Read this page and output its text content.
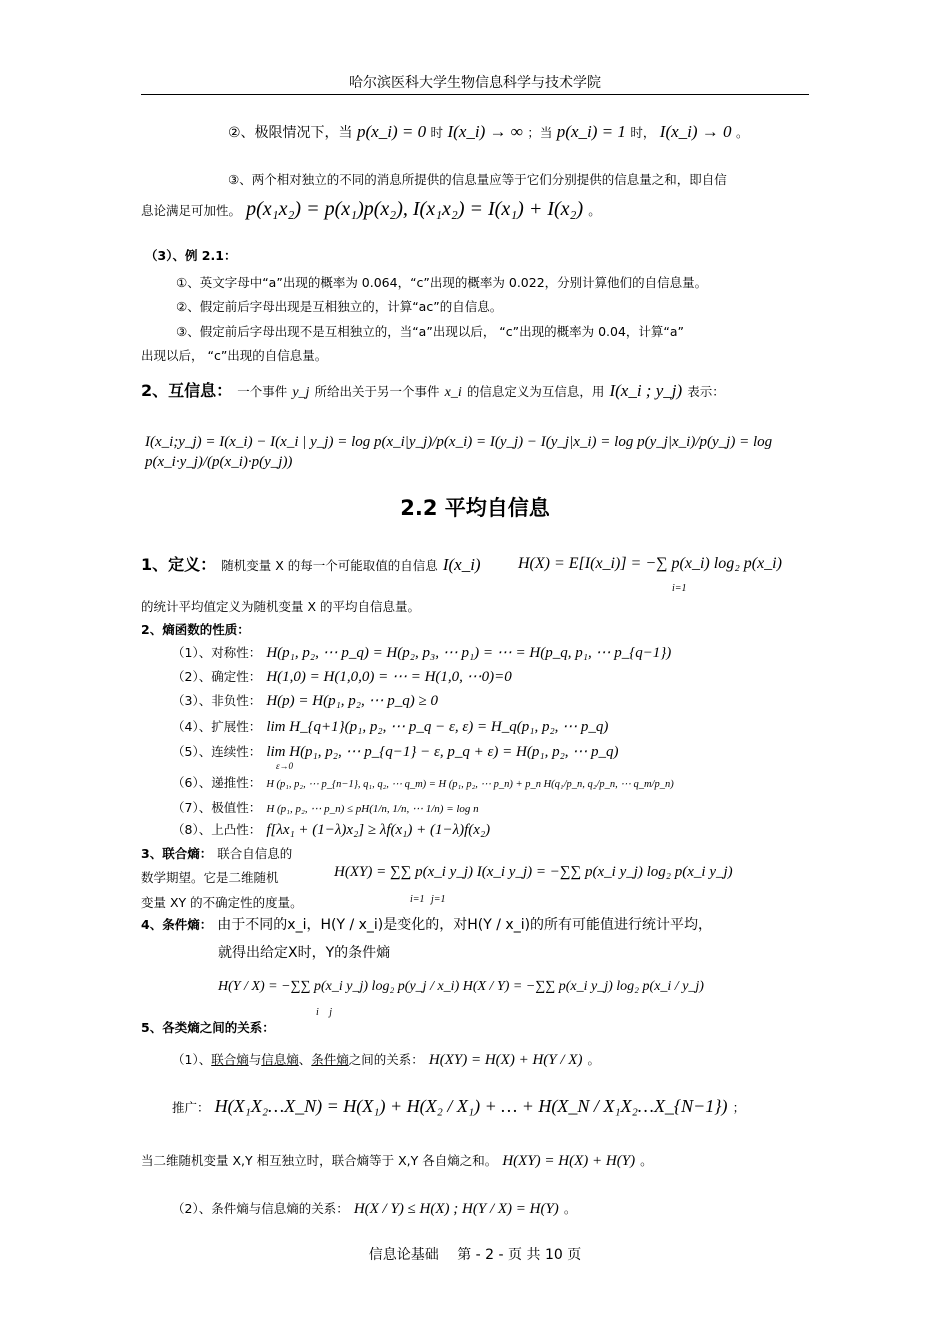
哈尔滨医科大学生物信息科学与技术学院
②、极限情况下，当 p(x_i) = 0 时 I(x_i) → ∞ ；当 p(x_i) = 1 时， I(x_i) → 0 。
③、两个相对独立的不同的消息所提供的信息量应等于它们分别提供的信息量之和，即自信
息论满足可加性。 p(x₁x₂) = p(x₁)p(x₂), I(x₁x₂) = I(x₁) + I(x₂) 。
（3）、例 2.1：
①、英文字母中“a”出现的概率为 0.064，“c”出现的概率为 0.022，分别计算他们的自信息量。
②、假定前后字母出现是互相独立的，计算“ac”的自信息。
③、假定前后字母出现不是互相独立的，当“a”出现以后， “c”出现的概率为 0.04，计算“a”
出现以后， “c”出现的自信息量。
2、互信息： 一个事件 y_j 所给出关于另一个事件 x_i 的信息定义为互信息，用 I(x_i ; y_j) 表示：
I(x_i;y_j) = I(x_i) − I(x_i | y_j) = log p(x_i|y_j)/p(x_i) = I(y_j) − I(y_j|x_i) = log p(y_j|x_i)/p(y_j) = log p(x_i·y_j)/(p(x_i)·p(y_j))
2.2 平均自信息
1、定义： 随机变量 X 的每一个可能取值的自信息 I(x_i) H(X) = E[I(x_i)] = −∑ p(x_i) log₂ p(x_i)
i=1
的统计平均值定义为随机变量 X 的平均自信息量。
2、熵函数的性质：
（1）、对称性： H(p₁, p₂, ⋯ p_q) = H(p₂, p₃, ⋯ p₁) = ⋯ = H(p_q, p₁, ⋯ p_{q−1})
（2）、确定性： H(1,0) = H(1,0,0) = ⋯ = H(1,0, ⋯0)=0
（3）、非负性： H(p) = H(p₁, p₂, ⋯ p_q) ≥ 0
（4）、扩展性： lim H_{q+1}(p₁, p₂, ⋯ p_q − ε, ε) = H_q(p₁, p₂, ⋯ p_q)
（5）、连续性： lim H(p₁, p₂, ⋯ p_{q−1} − ε, p_q + ε) = H(p₁, p₂, ⋯ p_q)
ε→0
（6）、递推性： H (p₁, p₂, ⋯ p_{n−1}, q₁, q₂, ⋯ q_m) = H (p₁, p₂, ⋯ p_n) + p_n H(q₁/p_n, q₂/p_n, ⋯ q_m/p_n)
（7）、极值性： H (p₁, p₂, ⋯ p_n) ≤ pH(1/n, 1/n, ⋯ 1/n) = log n
（8）、上凸性： f[λx₁ + (1−λ)x₂] ≥ λf(x₁) + (1−λ)f(x₂)
3、联合熵： 联合自信息的
数学期望。它是二维随机
变量 XY 的不确定性的度量。
H(XY) = ∑∑ p(x_i y_j) I(x_i y_j) = −∑∑ p(x_i y_j) log₂ p(x_i y_j)
i=1 j=1
4、条件熵： 由于不同的x_i，H(Y / x_i)是变化的，对H(Y / x_i)的所有可能值进行统计平均，
就得出给定X时，Y的条件熵
H(Y / X) = −∑∑ p(x_i y_j) log₂ p(y_j / x_i) H(X / Y) = −∑∑ p(x_i y_j) log₂ p(x_i / y_j)
i j
5、各类熵之间的关系：
（1）、联合熵与信息熵、条件熵之间的关系： H(XY) = H(X) + H(Y / X) 。
推广： H(X₁X₂…X_N) = H(X₁) + H(X₂ / X₁) + … + H(X_N / X₁X₂…X_{N−1}) ；
当二维随机变量 X,Y 相互独立时，联合熵等于 X,Y 各自熵之和。 H(XY) = H(X) + H(Y) 。
（2）、条件熵与信息熵的关系： H(X / Y) ≤ H(X) ; H(Y / X) = H(Y) 。
信息论基础　 第 - 2 - 页 共 10 页
